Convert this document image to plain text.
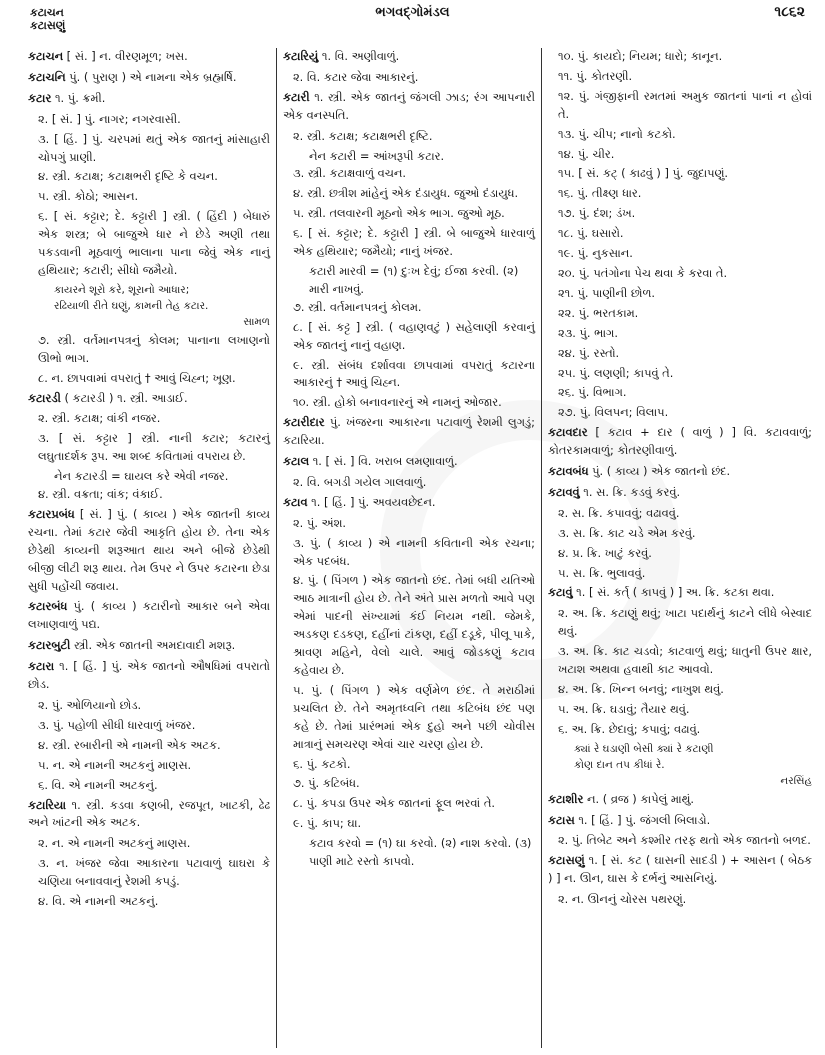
કટાચન
કટાસણું
ભગવદ્ગોમંડલ	૧૮૬૨
કટાચન [ સં. ] ન. વીરણમૂળ; ખસ.
કટાચનિ પું. ( પુરાણ ) એ નામના એક બ્રહ્મર્ષિ.
કટાર ૧. પું. ક્રમી.
૨. [ સં. ] પું. નાગર; નગરવાસી.
૩. [ હિં. ] પું. ચરપમાં થતું એક જાતનું માંસાહારી ચોપગું પ્રાણી.
૪. સ્ત્રી. કટાક્ષ; કટાક્ષભરી દૃષ્ટિ કે વચન.
૫. સ્ત્રી. કોઠો; આસન.
૬. [ સં. કટ્ટાર; દે. કટ્ટારી ] સ્ત્રી. ( હિંદી ) બેધારું એક શસ્ત્ર; બે બાજુએ ધાર ને છેડે અણી તથા પકડવાની મૂઠવાળું ભાલાના પાના જેવું એક નાનું હથિયાર; કટારી; સીધો જમૈયો.
કાયરને શૂરો કરે, શૂરાનો આધાર;
રઢિયાળી રીતે ઘણું, કામની તેહ કટાર.
સામળ
૭. સ્ત્રી. વર્તમાનપત્રનું કોલમ; પાનાના લખાણનો ઊભો ભાગ.
૮. ન. છાપવામાં વપરાતું † આવું ચિહ્ન; ખૂણ.
કટારડી ( કટારડી ) ૧. સ્ત્રી. આડાઈ.
૨. સ્ત્રી. કટાક્ષ; વાંકી નજર.
૩. [ સં. કટ્ટાર ] સ્ત્રી. નાની કટાર; કટારનું લઘુતાદર્શક રૂપ. આ શબ્દ કવિતામાં વપરાય છે.
નેન કટારડી = ઘાયલ કરે એવી નજર.
૪. સ્ત્રી. વક્રતા; વાંક; વંકાઈ.
કટારપ્રબંધ [ સં. ] પું. ( કાવ્ય ) એક જાતની કાવ્ય રચના. તેમાં કટાર જેવી આકૃતિ હોય છે. તેના એક છેડેથી કાવ્યની શરૂઆત થાય અને બીજે છેડેથી બીજી લીટી શરૂ થાય. તેમ ઉપર ને ઉપર કટારના છેડા સુધી પહોંચી જવાય.
કટારબંધ પું. ( કાવ્ય ) કટારીનો આકાર બને એવા લખાણવાળું પદ્ય.
કટારબુટી સ્ત્રી. એક જાતની અમદાવાદી મશરૂ.
કટારા ૧. [ હિં. ] પું. એક જાતનો ઔષધિમાં વપરાતો છોડ.
૨. પું. ઓળિયાનો છોડ.
૩. પું. પહોળી સીધી ધારવાળું ખંજર.
૪. સ્ત્રી. રબારીની એ નામની એક અટક.
૫. ન. એ નામની અટકનું માણસ.
૬. વિ. એ નામની અટકનું.
કટારિયા ૧. સ્ત્રી. કડવા કણબી, રજપૂત, ખાટકી, ઢેઢ અને ખાંટની એક અટક.
૨. ન. એ નામની અટકનું માણસ.
૩. ન. ખંજર જેવા આકારના પટાવાળું ઘાઘરા કે ચણિયા બનાવવાનું રેશમી કપડું.
૪. વિ. એ નામની અટકનું.
કટારિયું ૧. વિ. અણીવાળું.
૨. વિ. કટાર જેવા આકારનું.
કટારી ૧. સ્ત્રી. એક જાતનું જંગલી ઝાડ; રંગ આપનારી એક વનસ્પતિ.
૨. સ્ત્રી. કટાક્ષ; કટાક્ષભરી દૃષ્ટિ.
નેન કટારી = આંખરૂપી કટાર.
૩. સ્ત્રી. કટાક્ષવાળું વચન.
૪. સ્ત્રી. છત્રીશ માંહેનું એક દંડાયુધ. જુઓ દંડાયુધ.
૫. સ્ત્રી. તલવારની મૂઠનો એક ભાગ. જુઓ મૂઠ.
૬. [ સં. કટ્ટાર; દે. કટ્ટારી ] સ્ત્રી. બે બાજુએ ધારવાળું એક હથિયાર; જમૈયો; નાનું ખંજર.
કટારી મારવી = (૧) દુઃખ દેવું; ઈજા કરવી. (૨) મારી નાખવું.
૭. સ્ત્રી. વર્તમાનપત્રનું કોલમ.
૮. [ સં. કટ્ટ ] સ્ત્રી. ( વહાણવટું ) સહેલાણી કરવાનું એક જાતનું નાનું વહાણ.
૯. સ્ત્રી. સંબંધ દર્શાવવા છાપવામાં વપરાતું કટારના આકારનું † આવું ચિહ્ન.
૧૦. સ્ત્રી. હોકો બનાવનારનું એ નામનું ઓજાર.
કટારીદાર પું. ખંજરના આકારના પટાવાળું રેશમી લુગડું; કટારિયા.
કટાલ ૧. [ સં. ] વિ. ખરાબ લમણાવાળું.
૨. વિ. બગડી ગયેલ ગાલવાળું.
કટાવ ૧. [ હિં. ] પું. અવયવછેદન.
૨. પું. અંશ.
૩. પું. ( કાવ્ય ) એ નામની કવિતાની એક રચના; એક પદબંધ.
૪. પું. ( પિંગળ ) એક જાતનો છંદ. તેમાં બધી યતિઓ આઠ માત્રાની હોય છે. તેને અંતે પ્રાસ મળતો આવે પણ એમાં પાદની સંખ્યામાં કંઈ નિયમ નથી. જેમકે, અડકણ દડકણ, દહીંનાં ટાંકણ, દહીં દડૂકે, પીલૂ પાકે, શ્રાવણ મહિને, વેલો ચાલે. આવું જોડકણું કટાવ કહેવાય છે.
૫. પું. ( પિંગળ ) એક વર્ણમેળ છંદ. તે મરાઠીમાં પ્રચલિત છે. તેને અમૃતધ્વનિ તથા કટિબંધ છંદ પણ કહે છે. તેમાં પ્રારંભમાં એક દુહો અને પછી ચોવીસ માત્રાનું સમચરણ એવાં ચાર ચરણ હોય છે.
૬. પું. કટકો.
૭. પું. કટિબંધ.
૮. પું. કપડા ઉપર એક જાતનાં ફૂલ ભરવાં તે.
૯. પું. કાપ; ઘા.
કટાવ કરવો = (૧) ઘા કરવો. (૨) નાશ કરવો. (૩) પાણી માટે રસ્તો કાપવો.
૧૦. પું. કાયદો; નિયમ; ધારો; કાનૂન.
૧૧. પું. કોતરણી.
૧૨. પું. ગંજીફાની રમતમાં અમુક જાતનાં પાનાં ન હોવાં તે.
૧૩. પું. ચીપ; નાનો કટકો.
૧૪. પું. ચીર.
૧૫. [ સં. કટ્ ( કાઢવું ) ] પું. જુદાપણું.
૧૬. પું. તીક્ષ્ણ ધાર.
૧૭. પું. દંશ; ડંખ.
૧૮. પું. ઘસારો.
૧૯. પું. નુકસાન.
૨૦. પું. પતંગોના પેચ થવા કે કરવા તે.
૨૧. પું. પાણીની છોળ.
૨૨. પું. ભરતકામ.
૨૩. પું. ભાગ.
૨૪. પું. રસ્તો.
૨૫. પું. લણણી; કાપવું તે.
૨૬. પું. વિભાગ.
૨૭. પું. વિલપન; વિલાપ.
કટાવદાર [ કટાવ + દાર ( વાળું ) ] વિ. કટાવવાળું; કોતરકામવાળું; કોતરણીવાળું.
કટાવબંધ પું. ( કાવ્ય ) એક જાતનો છંદ.
કટાવવું ૧. સ. ક્રિ. કડવું કરવું.
૨. સ. ક્રિ. કપાવવું; વઢાવવું.
૩. સ. ક્રિ. કાટ ચડે એમ કરવું.
૪. પ્ર. ક્રિ. ખાટું કરવું.
૫. સ. ક્રિ. ભુલાવવું.
કટાવું ૧. [ સં. કર્ત્ ( કાપવું ) ] અ. ક્રિ. કટકા થવા.
૨. અ. ક્રિ. કટાણું થવું; ખાટા પદાર્થનું કાટને લીધે બેસ્વાદ થવું.
૩. અ. ક્રિ. કાટ ચડવો; કાટવાળું થવું; ધાતુની ઉપર ક્ષાર, ખટાશ અથવા હવાથી કાટ આવવો.
૪. અ. ક્રિ. ખિન્ન બનવું; નાખુશ થવું.
૫. અ. ક્રિ. ઘડાવું; તૈયાર થવું.
૬. અ. ક્રિ. છેદાવું; કપાવું; વઢાવું.
ક્યાં રે ઘડાણી બેસી ક્યાં રે કટાણી
કોણ દાન તપ કીધાં રે.
નરસિંહ
કટાશીર ન. ( વ્રજ ) કાપેલું માથું.
કટાસ ૧. [ હિં. ] પું. જંગલી બિલાડો.
૨. પું. તિબેટ અને કશ્મીર તરફ થતો એક જાતનો બળદ.
કટાસણું ૧. [ સં. કટ ( ઘાસની સાદડી ) + આસન ( બેઠક ) ] ન. ઊન, ઘાસ કે દર્ભનું આસનિયું.
૨. ન. ઊનનું ચોરસ પથરણું.
